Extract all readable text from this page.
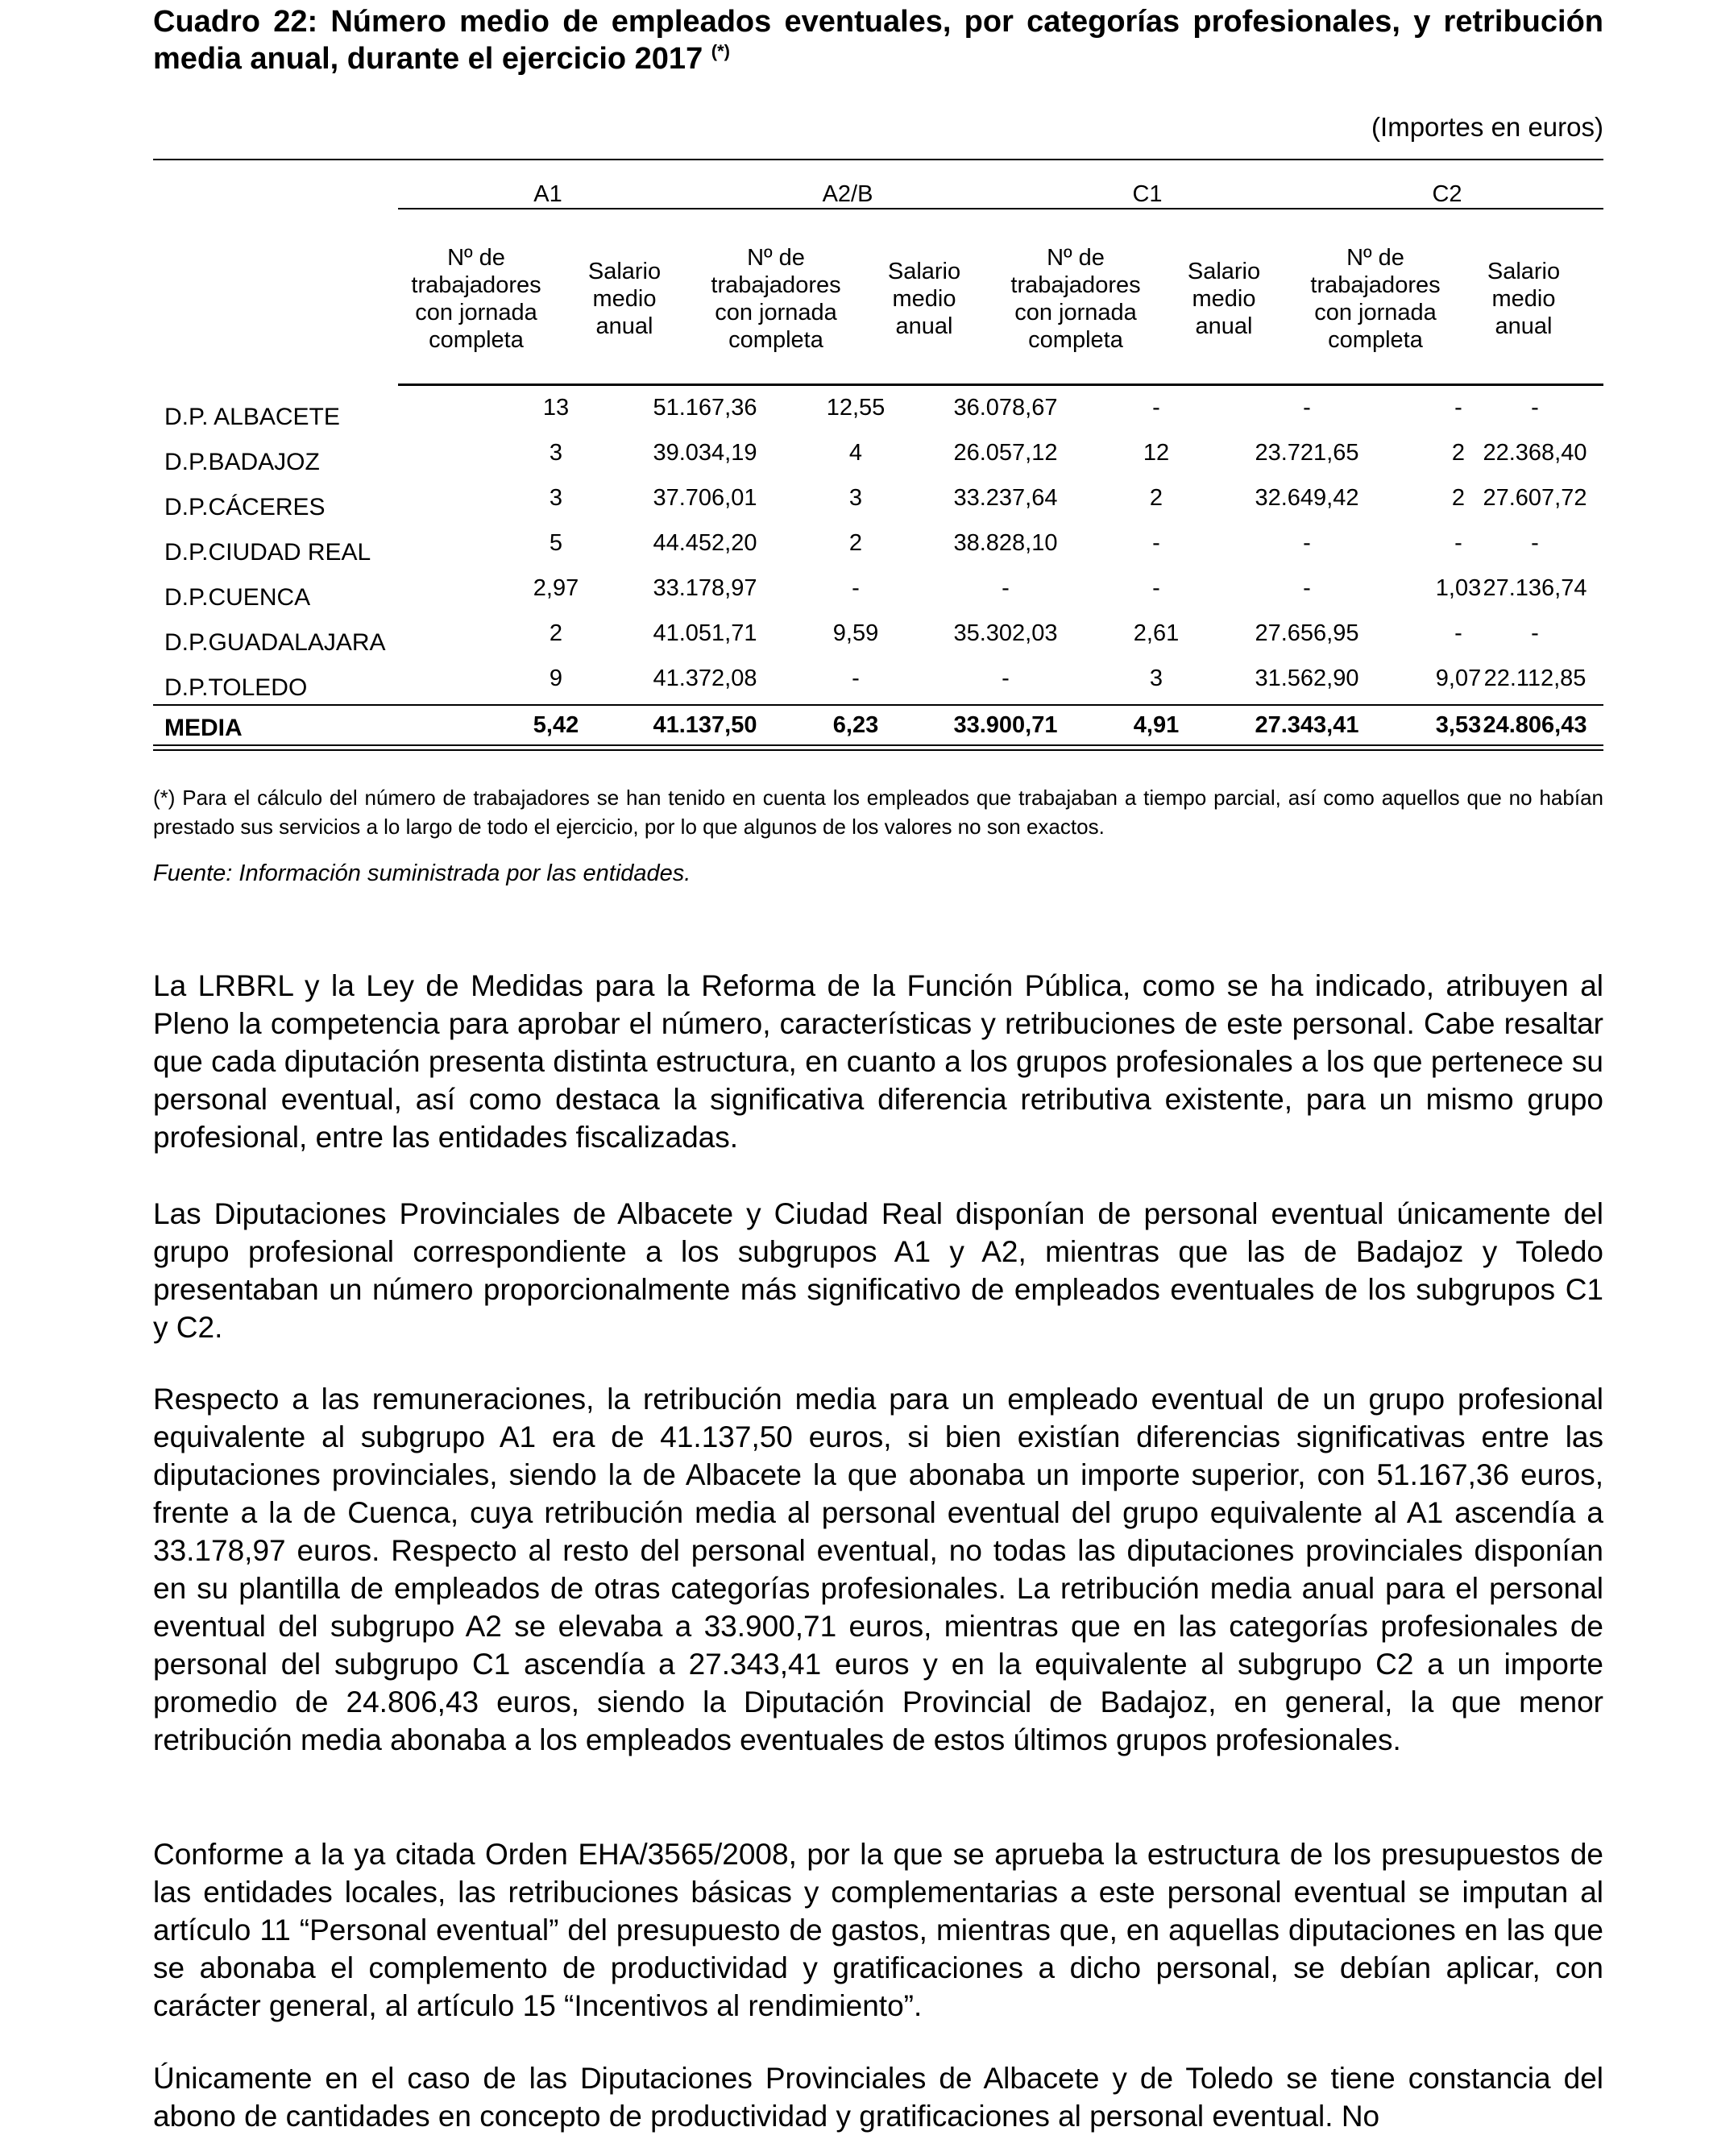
Cuadro 22: Número medio de empleados eventuales, por categorías profesionales, y retribución media anual, durante el ejercicio 2017 (*)
(Importes en euros)
A1	A2/B	C1	C2
Nº de trabajadores con jornada completa
Salario medio anual
Nº de trabajadores con jornada completa
Salario medio anual
Nº de trabajadores con jornada completa
Salario medio anual
Nº de trabajadores con jornada completa
Salario medio anual
D.P. ALBACETE	13	51.167,36	12,55	36.078,67	-	-	-	-
D.P.BADAJOZ	3	39.034,19	4	26.057,12	12	23.721,65	2 22.368,40
D.P.CÁCERES	3	37.706,01	3	33.237,64	2	32.649,42	2 27.607,72
D.P.CIUDAD REAL	5	44.452,20	2	38.828,10	-	-	-	-
D.P.CUENCA	2,97	33.178,97	-	-	-	-	1,03 27.136,74
D.P.GUADALAJARA	2	41.051,71	9,59	35.302,03	2,61	27.656,95	-	-
D.P.TOLEDO	9	41.372,08	-	-	3	31.562,90	9,07 22.112,85
MEDIA	5,42	41.137,50	6,23	33.900,71	4,91	27.343,41	3,53 24.806,43
(*) Para el cálculo del número de trabajadores se han tenido en cuenta los empleados que trabajaban a tiempo parcial, así como aquellos que no habían prestado sus servicios a lo largo de todo el ejercicio, por lo que algunos de los valores no son exactos.
Fuente: Información suministrada por las entidades.

La LRBRL y la Ley de Medidas para la Reforma de la Función Pública, como se ha indicado, atribuyen al Pleno la competencia para aprobar el número, características y retribuciones de este personal. Cabe resaltar que cada diputación presenta distinta estructura, en cuanto a los grupos profesionales a los que pertenece su personal eventual, así como destaca la significativa diferencia retributiva existente, para un mismo grupo profesional, entre las entidades fiscalizadas.

Las Diputaciones Provinciales de Albacete y Ciudad Real disponían de personal eventual únicamente del grupo profesional correspondiente a los subgrupos A1 y A2, mientras que las de Badajoz y Toledo presentaban un número proporcionalmente más significativo de empleados eventuales de los subgrupos C1 y C2.

Respecto a las remuneraciones, la retribución media para un empleado eventual de un grupo profesional equivalente al subgrupo A1 era de 41.137,50 euros, si bien existían diferencias significativas entre las diputaciones provinciales, siendo la de Albacete la que abonaba un importe superior, con 51.167,36 euros, frente a la de Cuenca, cuya retribución media al personal eventual del grupo equivalente al A1 ascendía a 33.178,97 euros. Respecto al resto del personal eventual, no todas las diputaciones provinciales disponían en su plantilla de empleados de otras categorías profesionales. La retribución media anual para el personal eventual del subgrupo A2 se elevaba a 33.900,71 euros, mientras que en las categorías profesionales de personal del subgrupo C1 ascendía a 27.343,41 euros y en la equivalente al subgrupo C2 a un importe promedio de 24.806,43 euros, siendo la Diputación Provincial de Badajoz, en general, la que menor retribución media abonaba a los empleados eventuales de estos últimos grupos profesionales.

Conforme a la ya citada Orden EHA/3565/2008, por la que se aprueba la estructura de los presupuestos de las entidades locales, las retribuciones básicas y complementarias a este personal eventual se imputan al artículo 11 “Personal eventual” del presupuesto de gastos, mientras que, en aquellas diputaciones en las que se abonaba el complemento de productividad y gratificaciones a dicho personal, se debían aplicar, con carácter general, al artículo 15 “Incentivos al rendimiento”.

Únicamente en el caso de las Diputaciones Provinciales de Albacete y de Toledo se tiene constancia del abono de cantidades en concepto de productividad y gratificaciones al personal eventual. No
